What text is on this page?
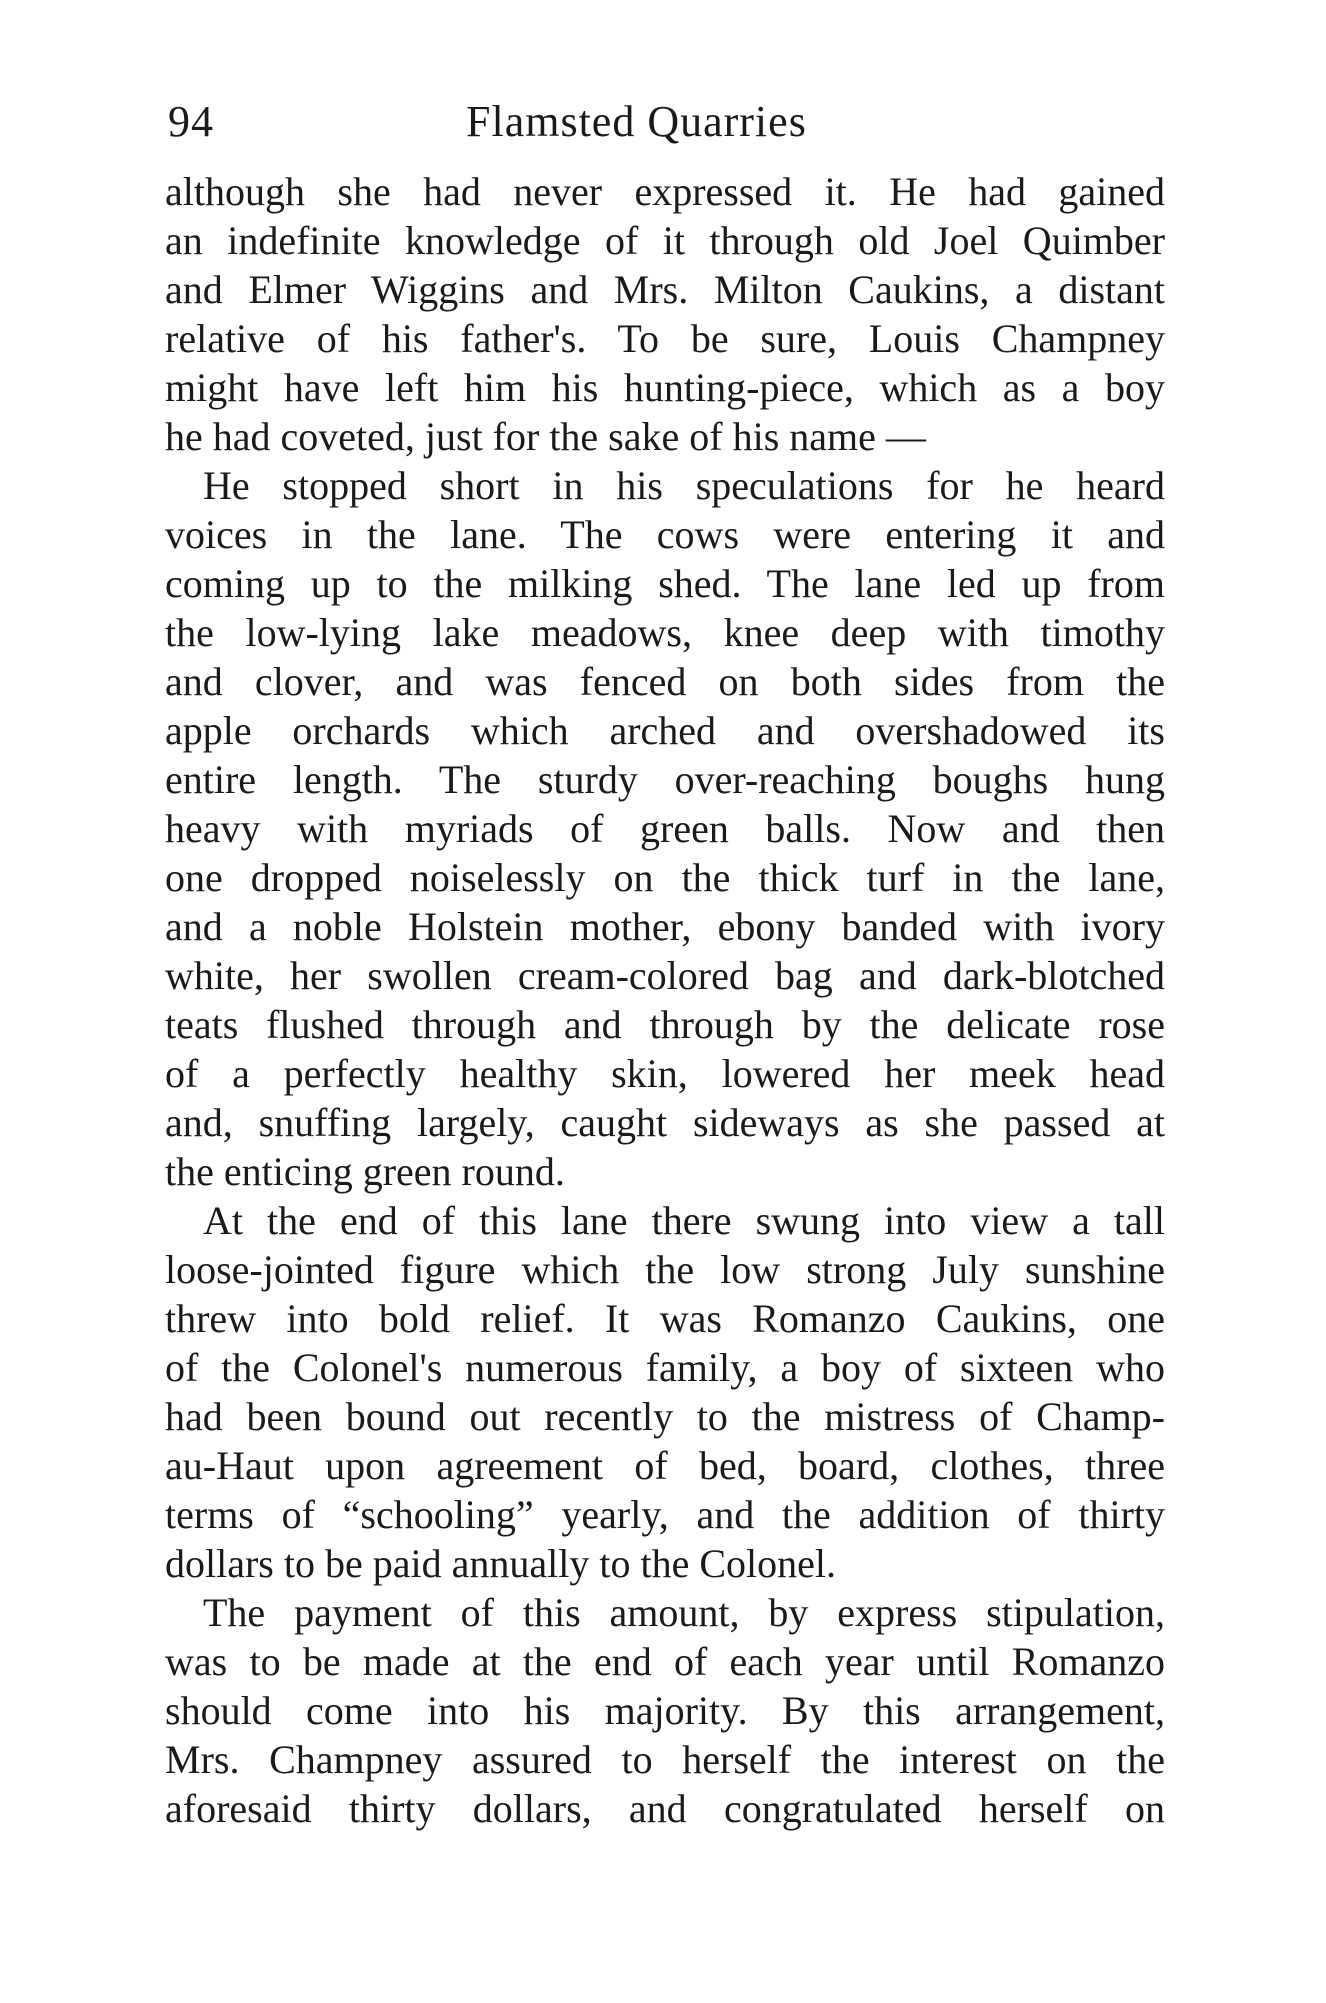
94	Flamsted Quarries
although she had never expressed it. He had gained
an indefinite knowledge of it through old Joel Quimber
and Elmer Wiggins and Mrs. Milton Caukins, a distant
relative of his father's. To be sure, Louis Champney
might have left him his hunting-piece, which as a boy
he had coveted, just for the sake of his name —
He stopped short in his speculations for he heard
voices in the lane. The cows were entering it and
coming up to the milking shed. The lane led up from
the low-lying lake meadows, knee deep with timothy
and clover, and was fenced on both sides from the
apple orchards which arched and overshadowed its
entire length. The sturdy over-reaching boughs hung
heavy with myriads of green balls. Now and then
one dropped noiselessly on the thick turf in the lane,
and a noble Holstein mother, ebony banded with ivory
white, her swollen cream-colored bag and dark-blotched
teats flushed through and through by the delicate rose
of a perfectly healthy skin, lowered her meek head
and, snuffing largely, caught sideways as she passed at
the enticing green round.
At the end of this lane there swung into view a tall
loose-jointed figure which the low strong July sunshine
threw into bold relief. It was Romanzo Caukins, one
of the Colonel's numerous family, a boy of sixteen who
had been bound out recently to the mistress of Champ-
au-Haut upon agreement of bed, board, clothes, three
terms of “schooling” yearly, and the addition of thirty
dollars to be paid annually to the Colonel.
The payment of this amount, by express stipulation,
was to be made at the end of each year until Romanzo
should come into his majority. By this arrangement,
Mrs. Champney assured to herself the interest on the
aforesaid thirty dollars, and congratulated herself on
